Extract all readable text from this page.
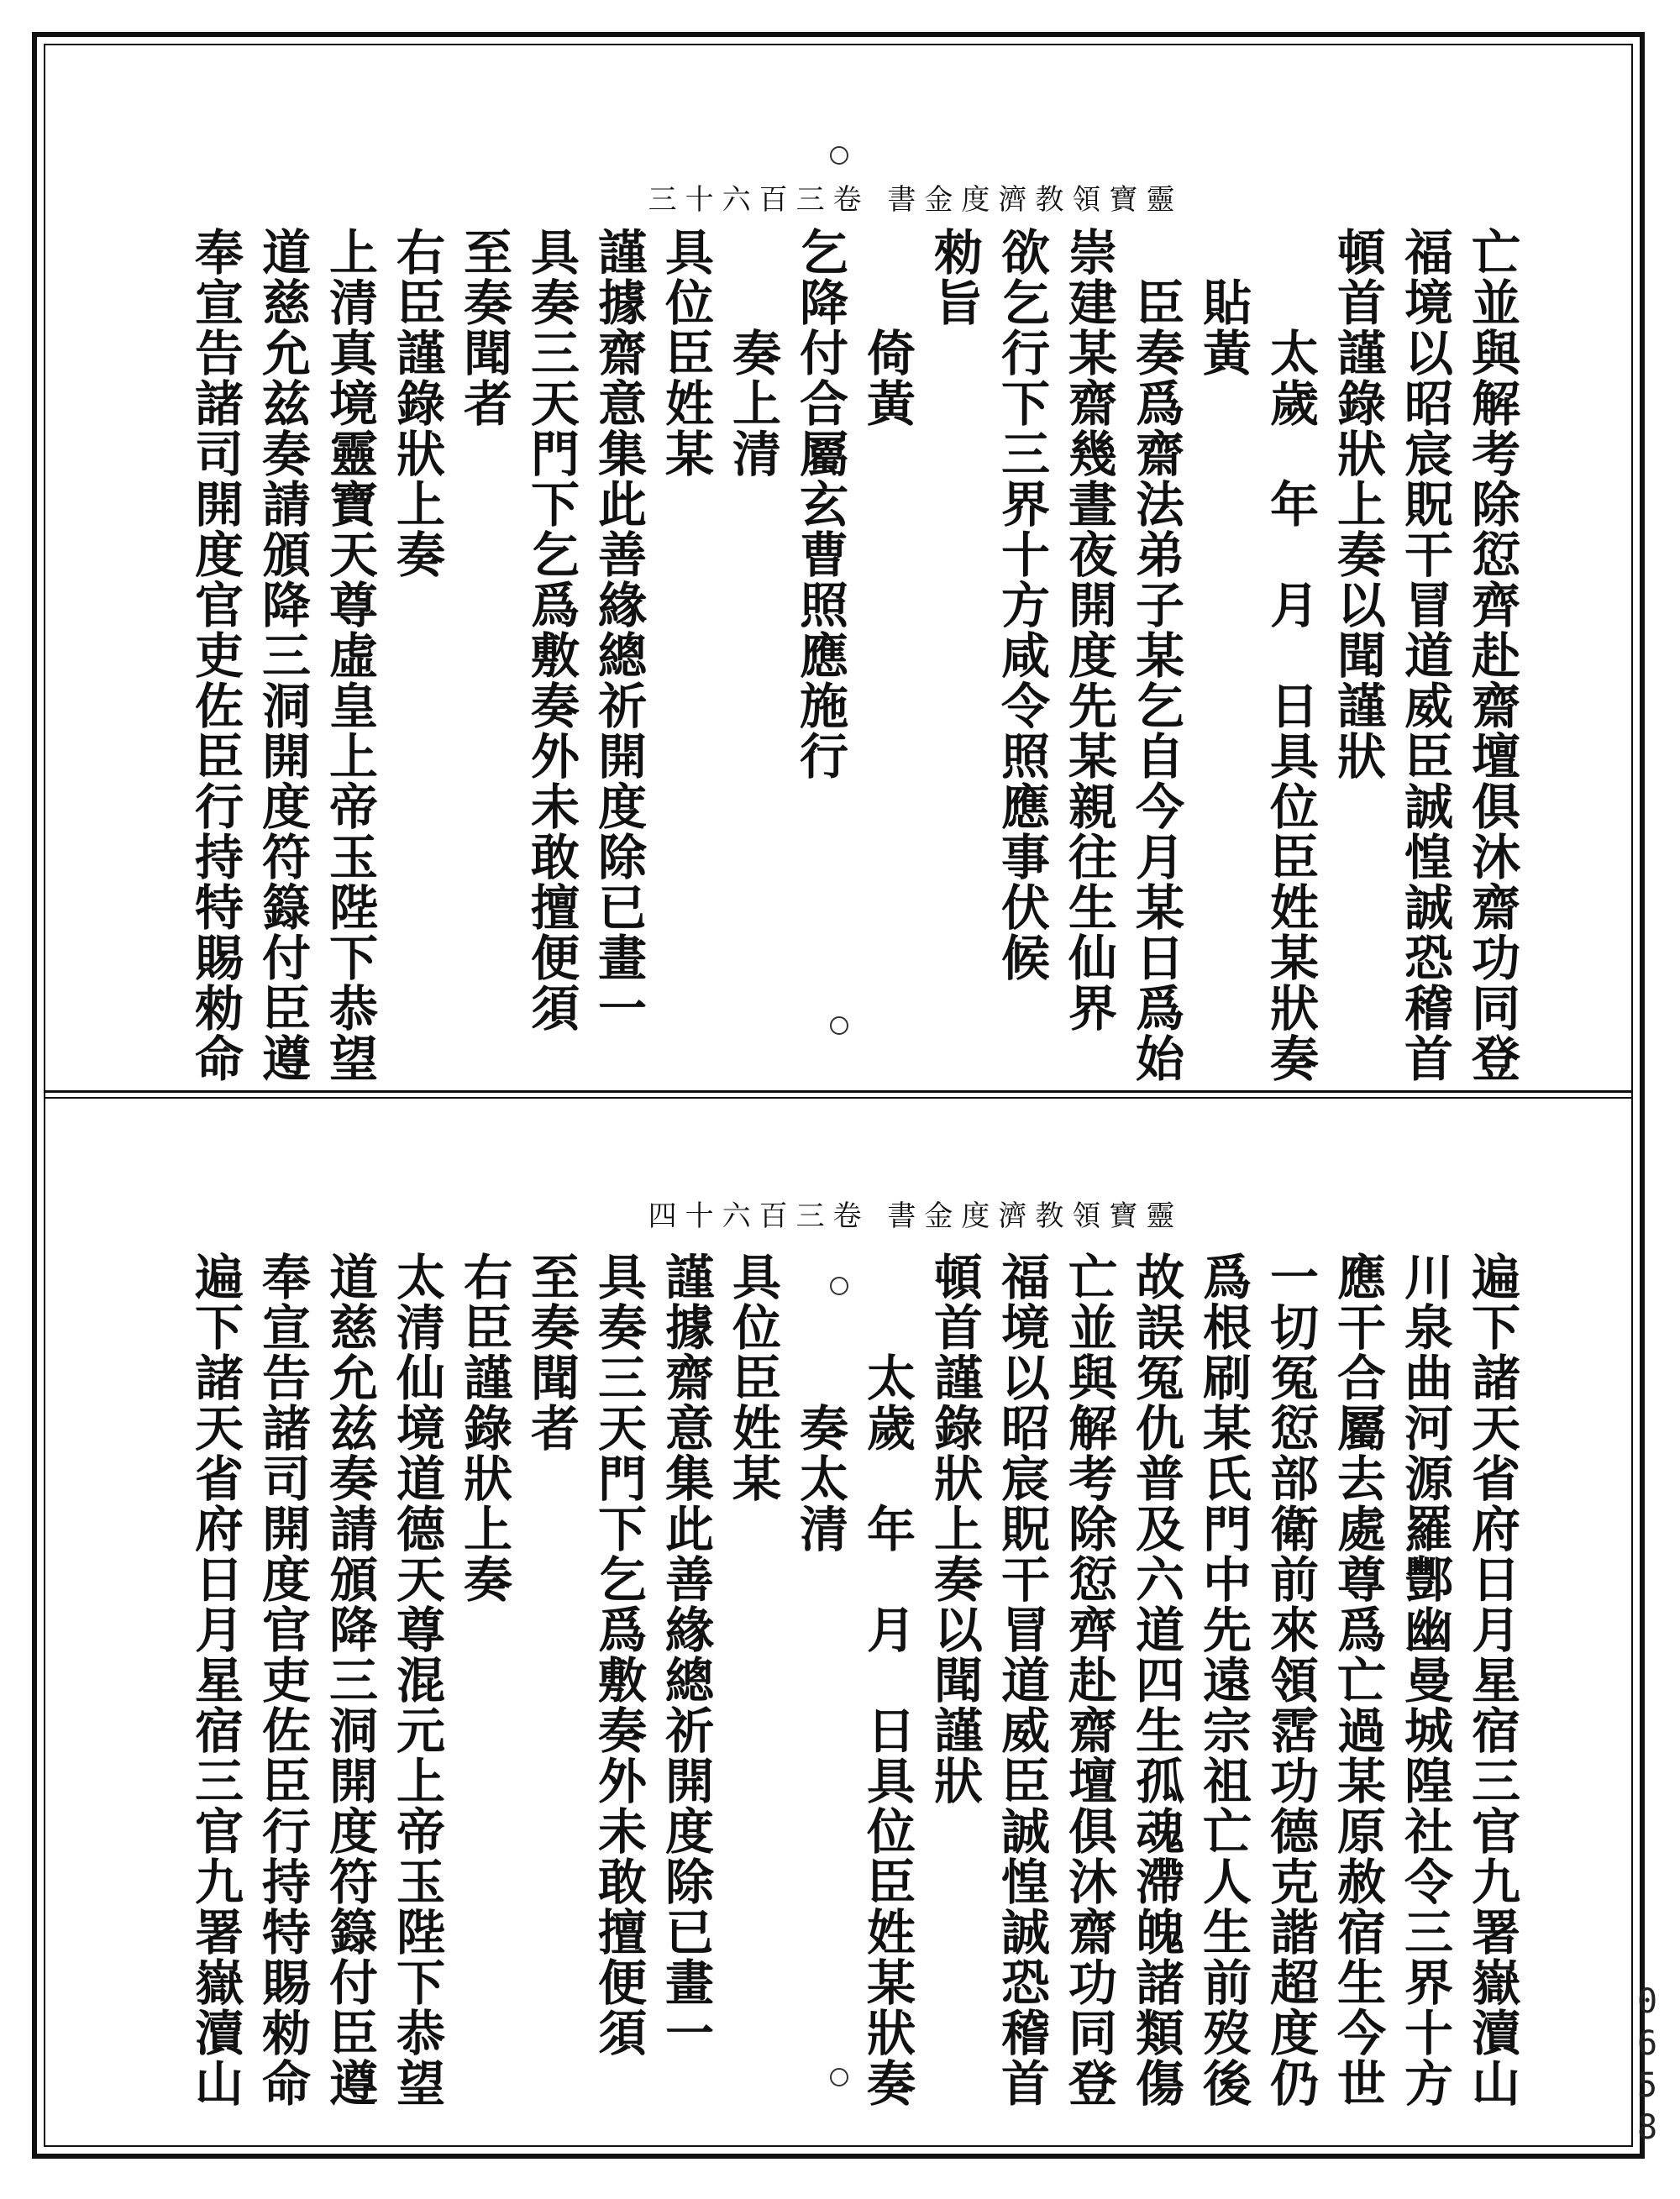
靈寶領教濟度金書 卷三百六十三
亡並與解考除愆齊赴齋壇俱沐齋功同登
福境以昭宸貺干冒道威臣誠惶誠恐稽首
頓首謹錄狀上奏以聞謹狀
　　太歲　年　月　日具位臣姓某狀奏
　貼黃
　臣奏爲齋法弟子某乞自今月某日爲始
崇建某齋幾晝夜開度先某親往生仙界
欲乞行下三界十方咸令照應事伏候
勑旨
　　倚黃
乞降付合屬玄曹照應施行
　　奏上清
具位臣姓某
謹據齋意集此善緣總祈開度除已畫一
具奏三天門下乞爲敷奏外未敢擅便須
至奏聞者
右臣謹錄狀上奏
上清真境靈寶天尊虛皇上帝玉陛下恭望
道慈允兹奏請頒降三洞開度符籙付臣遵
奉宣告諸司開度官吏佐臣行持特賜勑命
靈寶領教濟度金書 卷三百六十四
遍下諸天省府日月星宿三官九署嶽瀆山
川泉曲河源羅酆幽曼城隍社令三界十方
應干合屬去處尊爲亡過某原赦宿生今世
一切冤愆部衛前來領霑功德克諧超度仍
爲根刷某氏門中先遠宗祖亡人生前歿後
故誤冤仇普及六道四生孤魂滯魄諸類傷
亡並與解考除愆齊赴齋壇俱沐齋功同登
福境以昭宸貺干冒道威臣誠惶誠恐稽首
頓首謹錄狀上奏以聞謹狀
　　太歲　年　月　日具位臣姓某狀奏
　　　奏太清
具位臣姓某
謹據齋意集此善緣總祈開度除已畫一
具奏三天門下乞爲敷奏外未敢擅便須
至奏聞者
右臣謹錄狀上奏
太清仙境道德天尊混元上帝玉陛下恭望
道慈允兹奏請頒降三洞開度符籙付臣遵
奉宣告諸司開度官吏佐臣行持特賜勑命
遍下諸天省府日月星宿三官九署嶽瀆山	0658
